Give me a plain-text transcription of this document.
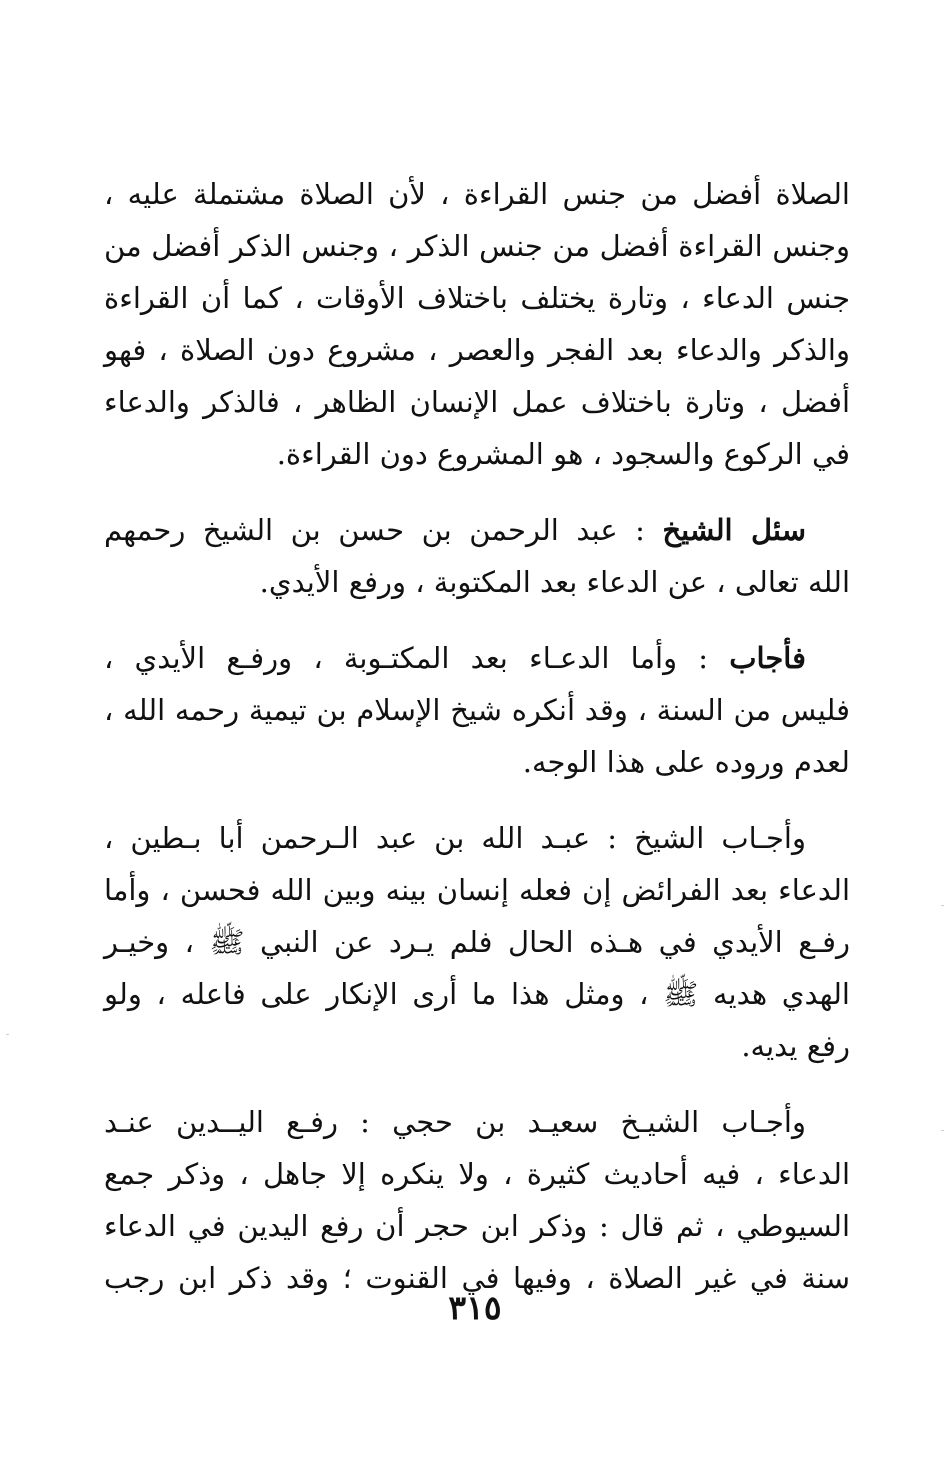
الصلاة أفضل من جنس القراءة ، لأن الصلاة مشتملة عليه ،
وجنس القراءة أفضل من جنس الذكر ، وجنس الذكر أفضل من
جنس الدعاء ، وتارة يختلف باختلاف الأوقات ، كما أن القراءة
والذكر والدعاء بعد الفجر والعصر ، مشروع دون الصلاة ، فهو
أفضل ، وتارة باختلاف عمل الإنسان الظاهر ، فالذكر والدعاء
في الركوع والسجود ، هو المشروع دون القراءة.

سئل الشيخ : عبد الرحمن بن حسن بن الشيخ رحمهم
الله تعالى ، عن الدعاء بعد المكتوبة ، ورفع الأيدي.

فأجاب : وأما الدعـاء بعد المكتـوبة ، ورفـع الأيدي ،
فليس من السنة ، وقد أنكره شيخ الإسلام بن تيمية رحمه الله ،
لعدم وروده على هذا الوجه.

وأجـاب الشيخ : عبـد الله بن عبد الـرحمن أبا بـطين ،
الدعاء بعد الفرائض إن فعله إنسان بينه وبين الله فحسن ، وأما
رفـع الأيدي في هـذه الحال فلم يـرد عن النبي ﷺ ، وخيـر
الهدي هديه ﷺ ، ومثل هذا ما أرى الإنكار على فاعله ، ولو
رفع يديه.

وأجـاب الشيـخ سعيـد بن حجي : رفـع اليــدين عنـد
الدعاء ، فيه أحاديث كثيرة ، ولا ينكره إلا جاهل ، وذكر جمع
السيوطي ، ثم قال : وذكر ابن حجر أن رفع اليدين في الدعاء
سنة في غير الصلاة ، وفيها في القنوت ؛ وقد ذكر ابن رجب

٣١٥
